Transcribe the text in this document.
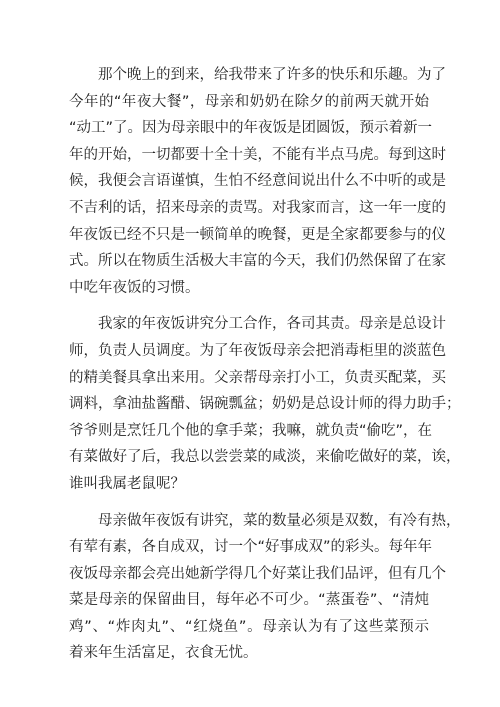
那个晚上的到来，给我带来了许多的快乐和乐趣。为了
今年的“年夜大餐”，母亲和奶奶在除夕的前两天就开始
“动工”了。因为母亲眼中的年夜饭是团圆饭，预示着新一
年的开始，一切都要十全十美，不能有半点马虎。每到这时
候，我便会言语谨慎，生怕不经意间说出什么不中听的或是
不吉利的话，招来母亲的责骂。对我家而言，这一年一度的
年夜饭已经不只是一顿简单的晚餐，更是全家都要参与的仪
式。所以在物质生活极大丰富的今天，我们仍然保留了在家
中吃年夜饭的习惯。
我家的年夜饭讲究分工合作，各司其责。母亲是总设计
师，负责人员调度。为了年夜饭母亲会把消毒柜里的淡蓝色
的精美餐具拿出来用。父亲帮母亲打小工，负责买配菜，买
调料，拿油盐酱醋、锅碗瓢盆；奶奶是总设计师的得力助手；
爷爷则是烹饪几个他的拿手菜；我嘛，就负责“偷吃”，在
有菜做好了后，我总以尝尝菜的咸淡，来偷吃做好的菜，诶，
谁叫我属老鼠呢？
母亲做年夜饭有讲究，菜的数量必须是双数，有冷有热，
有荤有素，各自成双，讨一个“好事成双”的彩头。每年年
夜饭母亲都会亮出她新学得几个好菜让我们品评，但有几个
菜是母亲的保留曲目，每年必不可少。“蒸蛋卷”、“清炖
鸡”、“炸肉丸”、“红烧鱼”。母亲认为有了这些菜预示
着来年生活富足，衣食无忧。
